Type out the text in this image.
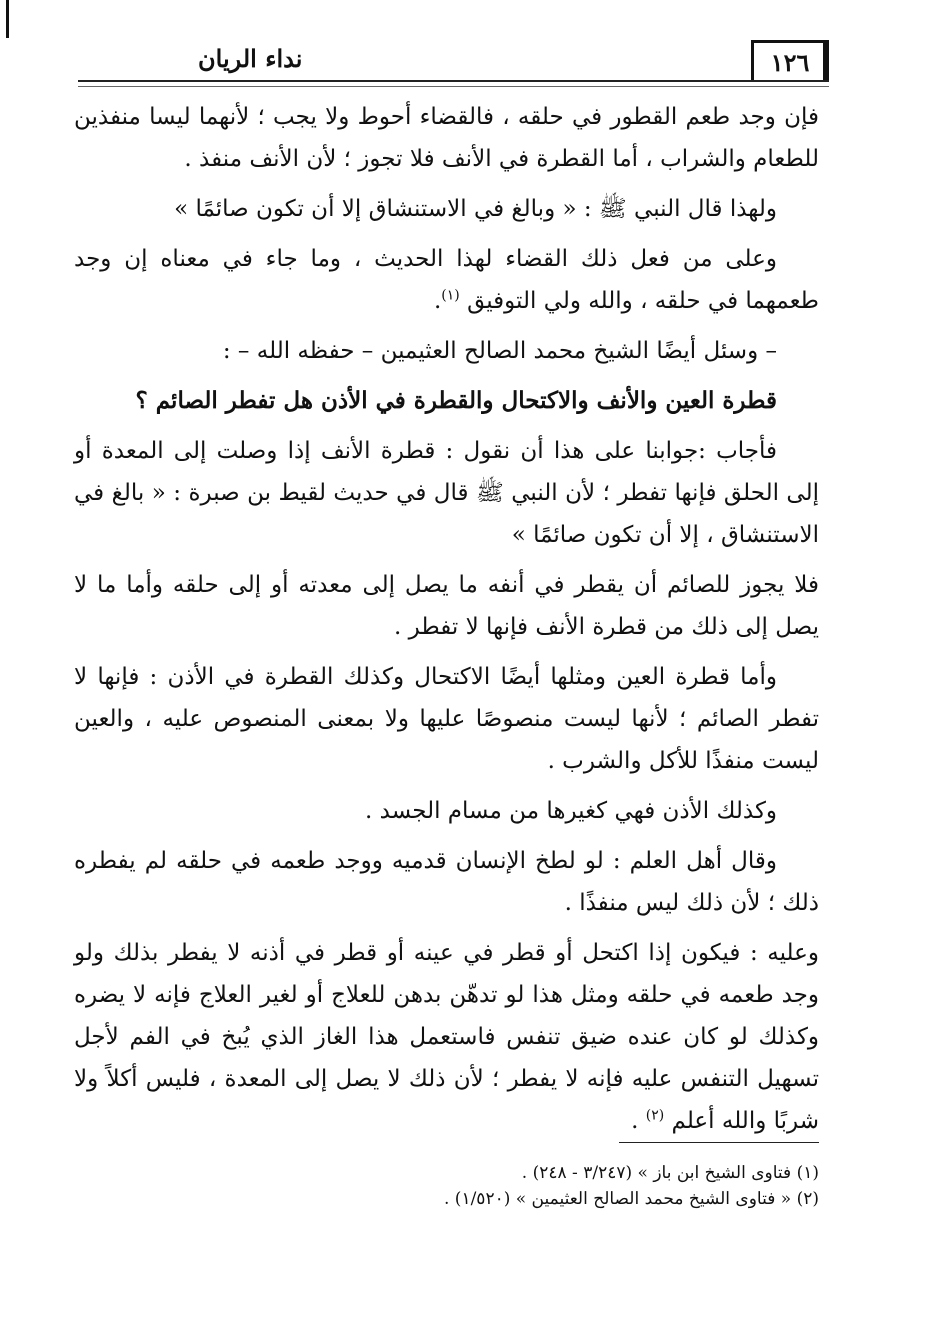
١٢٦
نداء الريان

فإن وجد طعم القطور في حلقه ، فالقضاء أحوط ولا يجب ؛ لأنهما ليسا منفذين للطعام والشراب ، أما القطرة في الأنف فلا تجوز ؛ لأن الأنف منفذ .

ولهذا قال النبي ﷺ : « وبالغ في الاستنشاق إلا أن تكون صائمًا »

وعلى من فعل ذلك القضاء لهذا الحديث ، وما جاء في معناه إن وجد طعمهما في حلقه ، والله ولي التوفيق $^{(١)}$.

– وسئل أيضًا الشيخ محمد الصالح العثيمين – حفظه الله – :

قطرة العين والأنف والاكتحال والقطرة في الأذن هل تفطر الصائم ؟

فأجاب :جوابنا على هذا أن نقول : قطرة الأنف إذا وصلت إلى المعدة أو إلى الحلق فإنها تفطر ؛ لأن النبي ﷺ قال في حديث لقيط بن صبرة : « بالغ في الاستنشاق ، إلا أن تكون صائمًا »

فلا يجوز للصائم أن يقطر في أنفه ما يصل إلى معدته أو إلى حلقه وأما ما لا يصل إلى ذلك من قطرة الأنف فإنها لا تفطر .

وأما قطرة العين ومثلها أيضًا الاكتحال وكذلك القطرة في الأذن : فإنها لا تفطر الصائم ؛ لأنها ليست منصوصًا عليها ولا بمعنى المنصوص عليه ، والعين ليست منفذًا للأكل والشرب .

وكذلك الأذن فهي كغيرها من مسام الجسد .

وقال أهل العلم : لو لطخ الإنسان قدميه ووجد طعمه في حلقه لم يفطره ذلك ؛ لأن ذلك ليس منفذًا .

وعليه : فيكون إذا اكتحل أو قطر في عينه أو قطر في أذنه لا يفطر بذلك ولو وجد طعمه في حلقه ومثل هذا لو تدهّن بدهن للعلاج أو لغير العلاج فإنه لا يضره وكذلك لو كان عنده ضيق تنفس فاستعمل هذا الغاز الذي يُبخ في الفم لأجل تسهيل التنفس عليه فإنه لا يفطر ؛ لأن ذلك لا يصل إلى المعدة ، فليس أكلاً ولا شربًا والله أعلم $^{(٢)}$ .

(١) فتاوى الشيخ ابن باز » (٣/٢٤٧ - ٢٤٨) .
(٢) « فتاوى الشيخ محمد الصالح العثيمين » (١/٥٢٠) .
